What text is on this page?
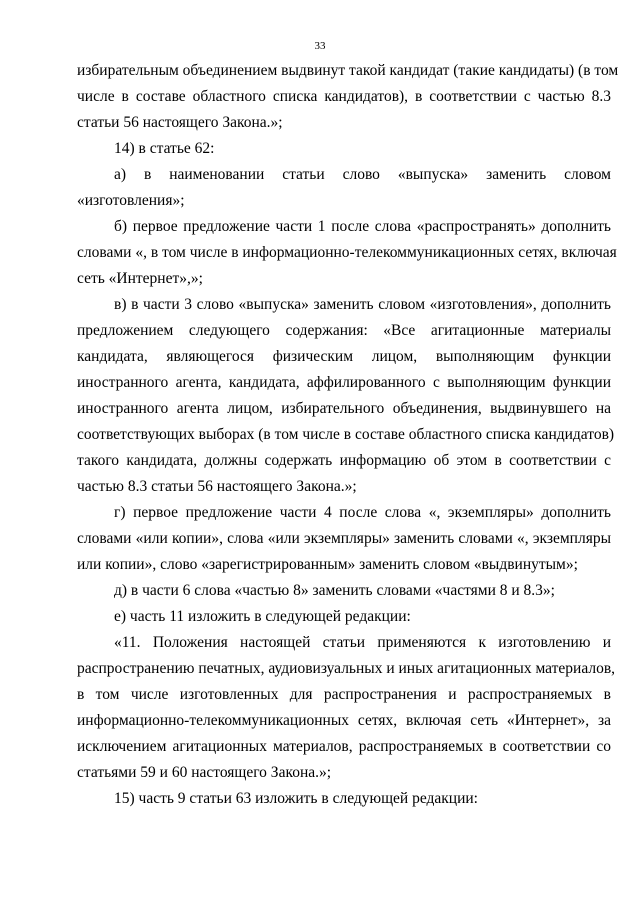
33
избирательным объединением выдвинут такой кандидат (такие кандидаты) (в том
числе в составе областного списка кандидатов), в соответствии с частью 8.3
статьи 56 настоящего Закона.»;
14) в статье 62:
а) в наименовании статьи слово «выпуска» заменить словом
«изготовления»;
б) первое предложение части 1 после слова «распространять» дополнить
словами «, в том числе в информационно-телекоммуникационных сетях, включая
сеть «Интернет»,»;
в) в части 3 слово «выпуска» заменить словом «изготовления», дополнить
предложением следующего содержания: «Все агитационные материалы
кандидата, являющегося физическим лицом, выполняющим функции
иностранного агента, кандидата, аффилированного с выполняющим функции
иностранного агента лицом, избирательного объединения, выдвинувшего на
соответствующих выборах (в том числе в составе областного списка кандидатов)
такого кандидата, должны содержать информацию об этом в соответствии с
частью 8.3 статьи 56 настоящего Закона.»;
г) первое предложение части 4 после слова «, экземпляры» дополнить
словами «или копии», слова «или экземпляры» заменить словами «, экземпляры
или копии», слово «зарегистрированным» заменить словом «выдвинутым»;
д) в части 6 слова «частью 8» заменить словами «частями 8 и 8.3»;
е) часть 11 изложить в следующей редакции:
«11. Положения настоящей статьи применяются к изготовлению и
распространению печатных, аудиовизуальных и иных агитационных материалов,
в том числе изготовленных для распространения и распространяемых в
информационно-телекоммуникационных сетях, включая сеть «Интернет», за
исключением агитационных материалов, распространяемых в соответствии со
статьями 59 и 60 настоящего Закона.»;
15) часть 9 статьи 63 изложить в следующей редакции:
